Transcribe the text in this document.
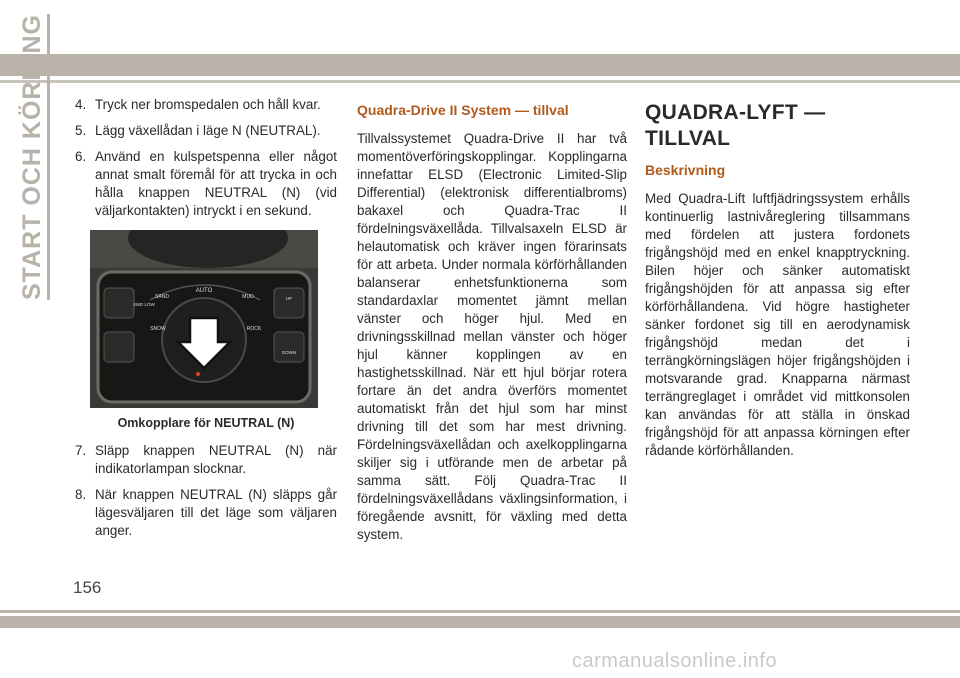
START OCH KÖRNING 4. Tryck ner bromspedalen och håll kvar.
5. Lägg växellådan i läge N (NEUTRAL).
6. Använd en kulspetspenna eller något annat smalt föremål för att trycka in och hålla knappen NEUTRAL (N) (vid väljarkontakten) intryckt i en sekund.
AUTO
SAND	MUD
4WD LOW
SNOW	ROCK
UP
DOWN
Omkopplare för NEUTRAL (N)
7. Släpp knappen NEUTRAL (N) när indikatorlampan slocknar.
8. När knappen NEUTRAL (N) släpps går lägesväljaren till det läge som väljaren anger.
Quadra-Drive II System — tillval

Tillvalssystemet Quadra-Drive II har två momentöverföringskopplingar. Kopplingarna innefattar ELSD (Electronic Limited-Slip Differential) (elektronisk differentialbroms) bakaxel och Quadra-Trac II fördelningsväxellåda. Tillvalsaxeln ELSD är helautomatisk och kräver ingen förarinsats för att arbeta. Under normala körförhållanden balanserar enhetsfunktionerna som standardaxlar momentet jämnt mellan vänster och höger hjul. Med en drivningsskillnad mellan vänster och höger hjul känner kopplingen av en hastighetsskillnad. När ett hjul börjar rotera fortare än det andra överförs momentet automatiskt från det hjul som har minst drivning till det som har mest drivning. Fördelningsväxellådan och axelkopplingarna skiljer sig i utförande men de arbetar på samma sätt. Följ Quadra-Trac II fördelningsväxellådans växlingsinformation, i föregående avsnitt, för växling med detta system.

QUADRA-LYFT — TILLVAL
Beskrivning

Med Quadra-Lift luftfjädringssystem erhålls kontinuerlig lastnivåreglering tillsammans med fördelen att justera fordonets frigångshöjd med en enkel knapptryckning. Bilen höjer och sänker automatiskt frigångshöjden för att anpassa sig efter körförhållandena. Vid högre hastigheter sänker fordonet sig till en aerodynamisk frigångshöjd medan det i terrängkörningslägen höjer frigångshöjden i motsvarande grad. Knapparna närmast terrängreglaget i området vid mittkonsolen kan användas för att ställa in önskad frigångshöjd för att anpassa körningen efter rådande körförhållanden.

156
carmanualsonline.info
